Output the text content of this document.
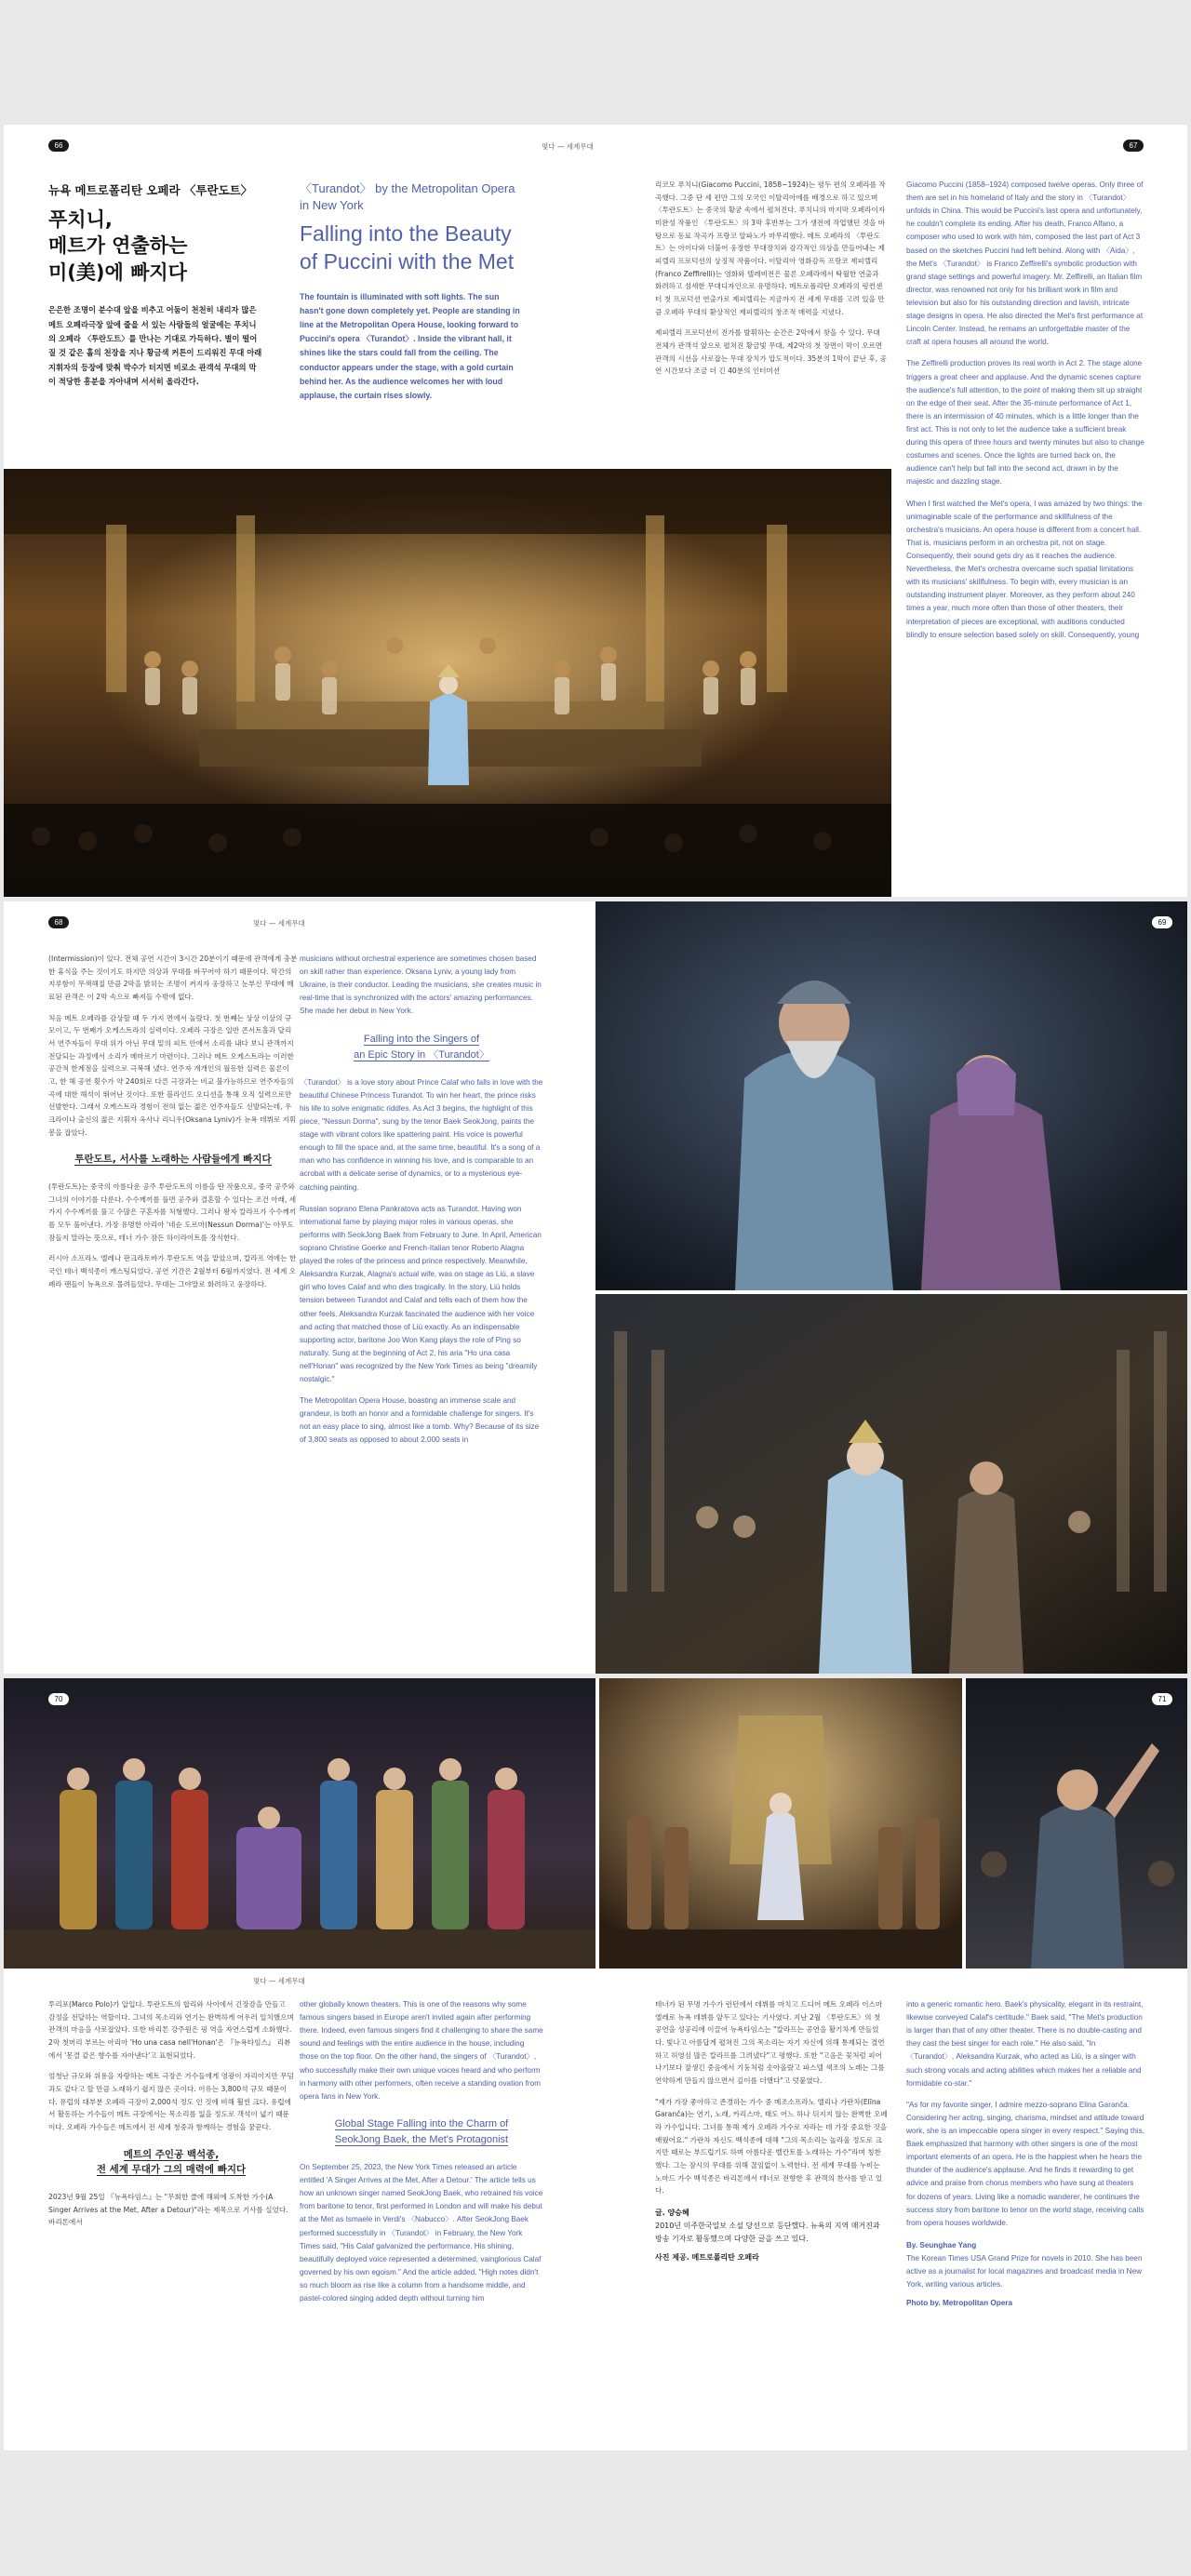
66	몇다 — 세계무대	67
뉴욕 메트로폴리탄 오페라 〈투란도트〉
푸치니,
메트가 연출하는
미(美)에 빠지다
은은한 조명이 분수대 앞을 비추고 어둠이 천천히 내리자 많은 메트 오페라극장 앞에 줄을 서 있는 사람들의 얼굴에는 푸치니의 오페라 〈투란도트〉를 만나는 기대로 가득하다. 별이 떨어질 것 같은 홀의 천장을 지나 황금색 커튼이 드리워진 무대 아래 지휘자의 등장에 맞춰 박수가 터지면 비로소 관객석 무대의 막이 적당한 흥분을 자아내며 서서히 올라간다.
〈Turandot〉 by the Metropolitan Opera in New York
Falling into the Beauty of Puccini with the Met
The fountain is illuminated with soft lights. The sun hasn't gone down completely yet. People are standing in line at the Metropolitan Opera House, looking forward to Puccini's opera 〈Turandot〉. Inside the vibrant hall, it shines like the stars could fall from the ceiling. The conductor appears under the stage, with a gold curtain behind her. As the audience welcomes her with loud applause, the curtain rises slowly.

리코모 푸치니(Giacomo Puccini, 1858~1924)는 평두 편의 오페라를 작곡했다. 그중 단 세 편만 그의 모국인 이탈리아에를 배경으로 하고 있으며 〈투란도트〉는 중국의 황궁 속에서 펼쳐진다. 푸치니의 마지막 오페라이자 미완성 작품인 〈투란도트〉의 3막 후반부는 그가 생전에 작업했던 것을 바탕으로 동료 작곡가 프랑코 알파노가 마무리했다. 메트 오페라의 〈투란도트〉는 아이다와 더불어 웅장한 무대장치와 감각적인 의상을 만들어내는 제피렐리 프로덕션의 상징적 작품이다. 이탈리아 영화감독 프랑코 제피렐리(Franco Zeffirelli)는 영화와 텔레비전은 물론 오페라에서 탁월한 연출과 화려하고 섬세한 무대디자인으로 유명하다. 메트로폴리탄 오페라의 링컨센터 첫 프로덕션 연출가로 제피렐리는 지금까지 전 세계 무대를 고려 있을 만큼 오페라 무대의 환상적인 제피렐리의 창조적 매력을 지녔다.

제피렐리 프로덕션이 진가를 발휘하는 순간은 2막에서 찾을 수 있다. 무대 전체가 관객석 앞으로 펼쳐진 황금빛 무대, 제2막의 첫 장면이 막이 오르면 관객의 시선을 사로잡는 무대 장치가 압도적이다. 35분의 1막이 끝난 후, 공연 시간보다 조금 더 긴 40분의 인터미션

Giacomo Puccini (1858–1924) composed twelve operas. Only three of them are set in his homeland of Italy and the story in 〈Turandot〉 unfolds in China. This would be Puccini's last opera and unfortunately, he couldn't complete its ending. After his death, Franco Alfano, a composer who used to work with him, composed the last part of Act 3 based on the sketches Puccini had left behind. Along with 〈Aida〉, the Met's 〈Turandot〉 is Franco Zeffirelli's symbolic production with grand stage settings and powerful imagery. Mr. Zeffirelli, an Italian film director, was renowned not only for his brilliant work in film and television but also for his outstanding direction and lavish, intricate stage designs in opera. He also directed the Met's first performance at Lincoln Center. Instead, he remains an unforgettable master of the craft at opera houses all around the world.

The Zeffirelli production proves its real worth in Act 2. The stage alone triggers a great cheer and applause. And the dynamic scenes capture the audience's full attention, to the point of making them sit up straight on the edge of their seat. After the 35-minute performance of Act 1, there is an intermission of 40 minutes, which is a little longer than the first act. This is not only to let the audience take a sufficient break during this opera of three hours and twenty minutes but also to change costumes and scenes. Once the lights are turned back on, the audience can't help but fall into the second act, drawn in by the majestic and dazzling stage.

When I first watched the Met's opera, I was amazed by two things: the unimaginable scale of the performance and skillfulness of the orchestra's musicians. An opera house is different from a concert hall. That is, musicians perform in an orchestra pit, not on stage. Consequently, their sound gets dry as it reaches the audience. Nevertheless, the Met's orchestra overcame such spatial limitations with its musicians' skillfulness. To begin with, every musician is an outstanding instrument player. Moreover, as they perform about 240 times a year, much more often than those of other theaters, their interpretation of pieces are exceptional, with auditions conducted blindly to ensure selection based solely on skill. Consequently, young

68	몇다 — 세계무대

(Intermission)이 있다. 전체 공연 시간이 3시간 20분이기 때문에 관객에게 충분한 휴식을 주는 것이기도 하지만 의상과 무대를 바꾸어야 하기 때문이다. 막간의 지루함이 무색해질 만큼 2막을 밝히는 조명이 켜지자 웅장하고 눈부신 무대에 매료된 관객은 이 2막 속으로 빠져들 수밖에 없다.

처음 메트 오페라를 감상할 때 두 가지 면에서 놀랐다. 첫 번째는 상상 이상의 규모이고, 두 번째가 오케스트라의 실력이다. 오페라 극장은 일반 콘서트홀과 달리서 연주자들이 무대 위가 아닌 무대 밑의 피트 안에서 소리를 내다 보니 관객까지 전달되는 과정에서 소리가 메마르기 마련이다. 그러나 메트 오케스트라는 이러한 공간적 한계점을 실력으로 극복해 냈다. 연주자 개개인의 월등한 실력은 물론이고, 한 해 공연 횟수가 약 240회로 다른 극장과는 비교 불가능하므로 연주자들의 곡에 대한 해석이 뛰어난 것이다. 또한 블라인드 오디션을 통해 오직 실력으로만 선발한다. 그래서 오케스트라 경험이 전혀 없는 젊은 연주자들도 선발되는데, 우크라이나 출신의 젊은 지휘자 옥사나 리니우(Oksana Lyniv)가 뉴욕 데뷔로 지휘봉을 잡았다.

투란도트, 서사를 노래하는 사람들에게 빠지다

(투란도트)는 중국의 아름다운 공주 투란도트의 이름을 딴 작품으로, 중국 공주와 그녀의 이야기를 다룬다. 수수께끼를 풀면 공주와 결혼할 수 있다는 조건 아래, 세 가지 수수께끼를 풀고 수많은 구혼자를 처형했다. 그러나 왕자 칼라프가 수수께끼를 모두 풀어낸다. 가장 유명한 아리아 '네순 도르마(Nessun Dorma)'는 아무도 잠들지 말라는 뜻으로, 테너 가수 잠든 하이라이트를 장식한다.

러시아 소프라노 엘레나 판크라토바가 투란도트 역을 맡았으며, 칼라프 역에는 한국인 테너 백석종이 캐스팅되었다. 공연 기간은 2월부터 6월까지였다. 전 세계 오페라 팬들이 뉴욕으로 몰려들었다. 무대는 그야말로 화려하고 웅장하다.

musicians without orchestral experience are sometimes chosen based on skill rather than experience. Oksana Lyniv, a young lady from Ukraine, is their conductor. Leading the musicians, she creates music in real-time that is synchronized with the actors' amazing performances. She made her debut in New York.

Falling into the Singers of
an Epic Story in 〈Turandot〉

〈Turandot〉 is a love story about Prince Calaf who falls in love with the beautiful Chinese Princess Turandot. To win her heart, the prince risks his life to solve enigmatic riddles. As Act 3 begins, the highlight of this piece, "Nessun Dorma", sung by the tenor Baek SeokJong, paints the stage with vibrant colors like spattering paint. His voice is powerful enough to fill the space and, at the same time, beautiful. It's a song of a man who has confidence in winning his love, and is comparable to an acrobat with a delicate sense of dynamics, or to a mysterious eye-catching painting.

Russian soprano Elena Pankratova acts as Turandot. Having won international fame by playing major roles in various operas, she performs with SeokJong Baek from February to June. In April, American soprano Christine Goerke and French-Italian tenor Roberto Alagna played the roles of the princess and prince respectively. Meanwhile, Aleksandra Kurzak, Alagna's actual wife, was on stage as Liù, a slave girl who loves Calaf and who dies tragically. In the story, Liù holds tension between Turandot and Calaf and tells each of them how the other feels. Aleksandra Kurzak fascinated the audience with her voice and acting that matched those of Liù exactly. As an indispensable supporting actor, baritone Joo Won Kang plays the role of Ping so naturally. Sung at the beginning of Act 2, his aria "Ho una casa nell'Honan" was recognized by the New York Times as being "dreamily nostalgic."

The Metropolitan Opera House, boasting an immense scale and grandeur, is both an honor and a formidable challenge for singers. It's not an easy place to sing, almost like a tomb. Why? Because of its size of 3,800 seats as opposed to about 2,000 seats in

69
70
몇다 — 세계무대
71

투리포(Marco Polo)가 압입다. 투란도트의 합리와 사이에서 긴장감을 만들고 감정을 전달하는 역할이다. 그녀의 목소리와 연기는 완벽하게 어우러 일치했으며 관객의 마음을 사로잡았다. 또한 바리톤 강주원은 핑 역을 자연스럽게 소화했다. 2막 첫머리 부르는 아리아 'Ho una casa nell'Honan'은 『뉴욕타임스』 리뷰에서 '몽결 같은 향수를 자아낸다'고 표현되었다.

엄청난 규모와 위용을 자랑하는 메트 극장은 가수들에게 영광이 자리이지만 무덤과도 같다고 할 만큼 노래하기 쉽지 않은 곳이다. 이유는 3,800석 규모 때문이다. 유럽의 대부분 오페라 극장이 2,000석 정도 인 것에 비해 훨씬 크다. 유럽에서 활동하는 가수들이 메트 극장에서는 목소리를 잃을 정도로 객석이 넓기 때문이다. 오페라 가수들은 메트에서 전 세계 청중과 함께하는 경험을 꿈꾼다.

메트의 주인공 백석종,
전 세계 무대가 그의 매력에 빠지다

2023년 9월 25일 『뉴욕타임스』는 "무회한 클에 해외에 도착한 가수(A Singer Arrives at the Met, After a Detour)"라는 제목으로 기사를 실었다. 바리톤에서

other globally known theaters. This is one of the reasons why some famous singers based in Europe aren't invited again after performing there. Indeed, even famous singers find it challenging to share the same sound and feelings with the entire audience in the house, including those on the top floor. On the other hand, the singers of 〈Turandot〉, who successfully make their own unique voices heard and who perform in harmony with other performers, often receive a standing ovation from opera fans in New York.

Global Stage Falling into the Charm of
SeokJong Baek, the Met's Protagonist

On September 25, 2023, the New York Times released an article entitled 'A Singer Arrives at the Met, After a Detour.' The article tells us how an unknown singer named SeokJong Baek, who retrained his voice from baritone to tenor, first performed in London and will make his debut at the Met as Ismaele in Verdi's 〈Nabucco〉. After SeokJong Baek performed successfully in 〈Turandot〉 in February, the New York Times said, "His Calaf galvanized the performance. His shining, beautifully deployed voice represented a determined, vainglorious Calaf governed by his own egoism." And the article added, "High notes didn't so much bloom as rise like a column from a handsome middle, and pastel-colored singing added depth without turning him

테너가 된 무명 가수가 런던에서 데뷔를 마치고 드디어 메트 오페라 이스마엘레로 뉴욕 데뷔를 앞두고 있다는 기사였다. 지난 2월 〈투란도트〉의 첫 공연을 성공리에 이끌어 뉴욕타임스는 "칼라프는 공연을 활기차게 만들었다. 빛나고 아름답게 펼쳐진 그의 목소리는 자기 자신에 의해 통제되는 결연하고 허영심 많은 칼라프를 그려냈다"고 평했다. 또한 "고음은 꽃처럼 피어나기보다 잘생긴 중음에서 기둥처럼 솟아올랐고 파스텔 색조의 노래는 그를 연약하게 만들지 않으면서 깊이를 더했다"고 덧붙였다.

"제가 가장 좋아하고 존경하는 가수 중 메조소프라노 엘리나 가란차(Elīna Garanča)는 연기, 노래, 카리스마, 태도 어느 하나 뒤지지 않는 완벽한 오페라 가수입니다. 그녀를 통해 제가 오페라 가수로 자라는 데 가장 중요한 것을 배웠어요." 가란차 자신도 백석종에 대해 "그의 목소리는 놀라울 정도로 크지만 때로는 부드럽기도 하며 아름다운 벨칸토를 노래하는 가수"라며 칭찬했다. 그는 잠시의 무대를 위해 끊임없이 노력한다. 전 세계 무대를 누비는 노마드 가수 백석종은 바리톤에서 테너로 전향한 후 관객의 찬사를 받고 있다.

글. 양승혜
2010년 미주한국일보 소설 당선으로 등단했다. 뉴욕의 지역 매거진과 방송 기자로 활동했으며 다양한 글을 쓰고 있다.
사진 제공. 메트로폴리탄 오페라

into a generic romantic hero. Baek's physicality, elegant in its restraint, likewise conveyed Calaf's certitude." Baek said, "The Met's production is larger than that of any other theater. There is no double-casting and they cast the best singer for each role." He also said, "In 〈Turandot〉, Aleksandra Kurzak, who acted as Liù, is a singer with such strong vocals and acting abilities which makes her a reliable and formidable co-star."

"As for my favorite singer, I admire mezzo-soprano Elina Garanča. Considering her acting, singing, charisma, mindset and attitude toward work, she is an impeccable opera singer in every respect." Saying this, Baek emphasized that harmony with other singers is one of the most important elements of an opera. He is the happiest when he hears the thunder of the audience's applause. And he finds it rewarding to get advice and praise from chorus members who have sung at theaters for dozens of years. Living like a nomadic wanderer, he continues the success story from baritone to tenor on the world stage, receiving calls from opera houses worldwide.

By. Seunghae Yang
The Korean Times USA Grand Prize for novels in 2010. She has been active as a journalist for local magazines and broadcast media in New York, writing various articles.
Photo by. Metropolitan Opera
